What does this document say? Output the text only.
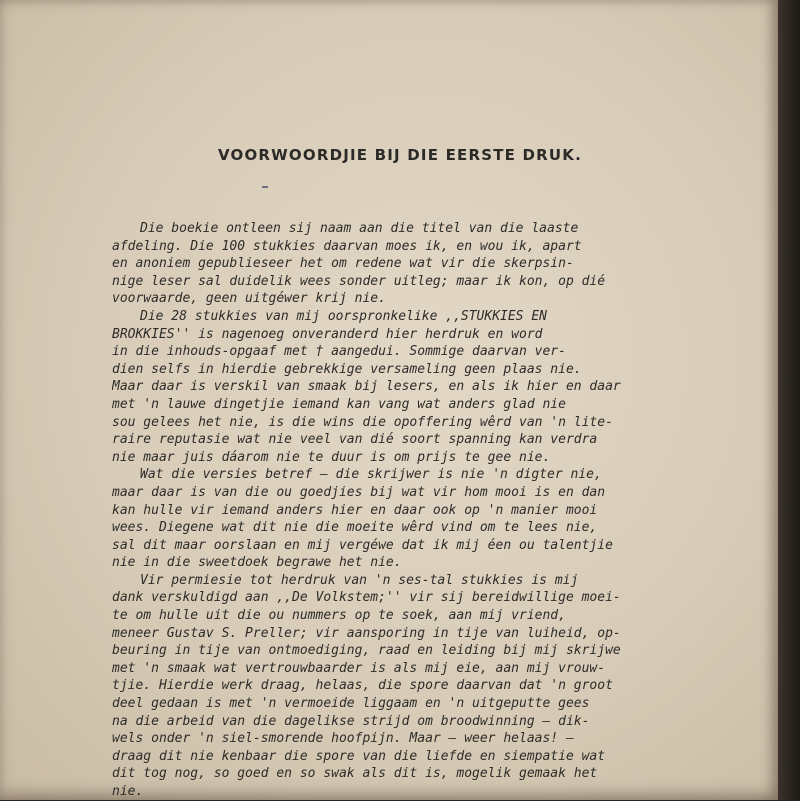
VOORWOORDJIE BIJ DIE EERSTE DRUK.
Die boekie ontleen sij naam aan die titel van die laaste
afdeling. Die 100 stukkies daarvan moes ik, en wou ik, apart
en anoniem gepublieseer het om redene wat vir die skerpsin-
nige leser sal duidelik wees sonder uitleg; maar ik kon, op dié
voorwaarde, geen uitgéwer krij nie.
Die 28 stukkies van mij oorspronkelike ,,STUKKIES EN
BROKKIES'' is nagenoeg onveranderd hier herdruk en word
in die inhouds-opgaaf met † aangedui. Sommige daarvan ver-
dien selfs in hierdie gebrekkige versameling geen plaas nie.
Maar daar is verskil van smaak bij lesers, en als ik hier en daar
met 'n lauwe dingetjie iemand kan vang wat anders glad nie
sou gelees het nie, is die wins die opoffering wêrd van 'n lite-
raire reputasie wat nie veel van dié soort spanning kan verdra
nie maar juis dáarom nie te duur is om prijs te gee nie.
Wat die versies betref — die skrijwer is nie 'n digter nie,
maar daar is van die ou goedjies bij wat vir hom mooi is en dan
kan hulle vir iemand anders hier en daar ook op 'n manier mooi
wees. Diegene wat dit nie die moeite wêrd vind om te lees nie,
sal dit maar oorslaan en mij vergéwe dat ik mij éen ou talentjie
nie in die sweetdoek begrawe het nie.
Vir permiesie tot herdruk van 'n ses-tal stukkies is mij
dank verskuldigd aan ,,De Volkstem;'' vir sij bereidwillige moei-
te om hulle uit die ou nummers op te soek, aan mij vriend,
meneer Gustav S. Preller; vir aansporing in tije van luiheid, op-
beuring in tije van ontmoediging, raad en leiding bij mij skrijwe
met 'n smaak wat vertrouwbaarder is als mij eie, aan mij vrouw-
tjie. Hierdie werk draag, helaas, die spore daarvan dat 'n groot
deel gedaan is met 'n vermoeide liggaam en 'n uitgeputte gees
na die arbeid van die dagelikse strijd om broodwinning — dik-
wels onder 'n siel-smorende hoofpijn. Maar — weer helaas! —
draag dit nie kenbaar die spore van die liefde en siempatie wat
dit tog nog, so goed en so swak als dit is, mogelik gemaak het
nie.
